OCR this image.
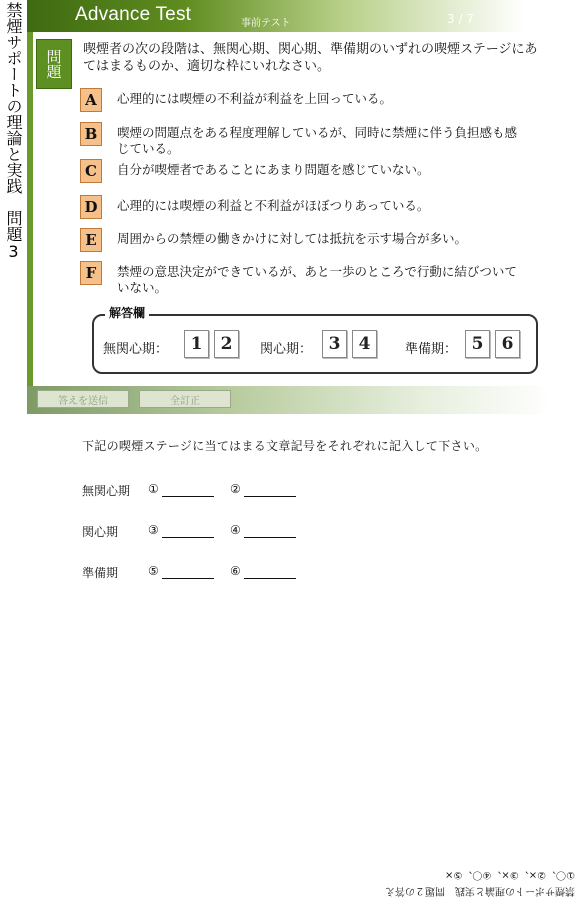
禁煙サポートの理論と実践　問題3	Advance Test	事前テスト	3 / 7
問題	喫煙者の次の段階は、無関心期、関心期、準備期のいずれの喫煙ステージにあてはまるものか、適切な枠にいれなさい。
A	心理的には喫煙の不利益が利益を上回っている。
B	喫煙の問題点をある程度理解しているが、同時に禁煙に伴う負担感も感じている。
C	自分が喫煙者であることにあまり問題を感じていない。
D	心理的には喫煙の利益と不利益がほぼつりあっている。
E	周囲からの禁煙の働きかけに対しては抵抗を示す場合が多い。
F	禁煙の意思決定ができているが、あと一歩のところで行動に結びついていない。
解答欄
無関心期：	1	2	関心期： 3	4	準備期： 5	6
答えを送信	全訂正
下記の喫煙ステージに当てはまる文章記号をそれぞれに記入して下さい。
無関心期 ①	②
関心期 ③	④
準備期 ⑤	⑥
禁煙サポートの理論と実践　問題２の答え
①〇、②×、③×、④〇、⑤×
